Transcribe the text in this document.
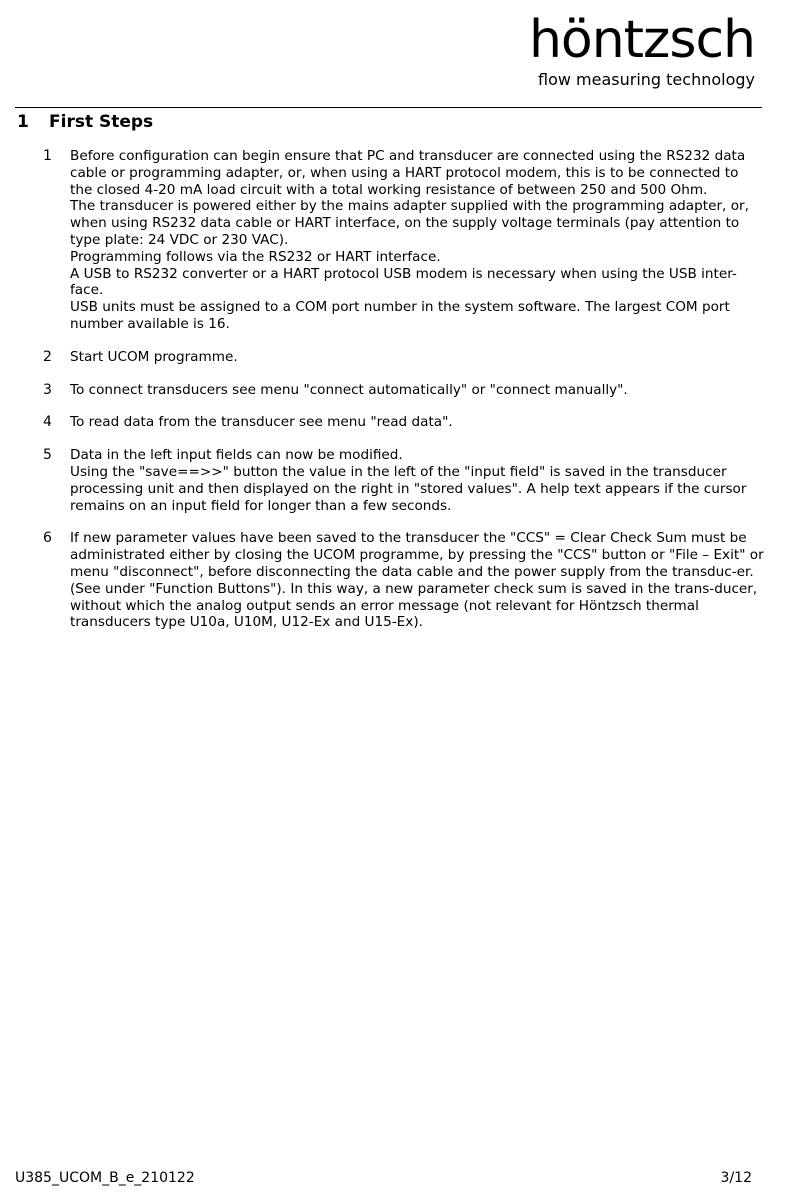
höntzsch
flow measuring technology
1 First Steps
1	Before configuration can begin ensure that PC and transducer are connected using the RS232 data cable or programming adapter, or, when using a HART protocol modem, this is to be connected to the closed 4-20 mA load circuit with a total working resistance of between 250 and 500 Ohm.

The transducer is powered either by the mains adapter supplied with the programming adapter, or, when using RS232 data cable or HART interface, on the supply voltage terminals (pay attention to type plate: 24 VDC or 230 VAC).

Programming follows via the RS232 or HART interface.

A USB to RS232 converter or a HART protocol USB modem is necessary when using the USB inter-face.

USB units must be assigned to a COM port number in the system software. The largest COM port number available is 16.

2	Start UCOM programme.

3	To connect transducers see menu "connect automatically" or "connect manually".

4	To read data from the transducer see menu "read data".

5	Data in the left input fields can now be modified.

Using the "save==>>" button the value in the left of the "input field" is saved in the transducer processing unit and then displayed on the right in "stored values". A help text appears if the cursor remains on an input field for longer than a few seconds.

6	If new parameter values have been saved to the transducer the "CCS" = Clear Check Sum must be administrated either by closing the UCOM programme, by pressing the "CCS" button or "File – Exit" or menu "disconnect", before disconnecting the data cable and the power supply from the transduc-er. (See under "Function Buttons"). In this way, a new parameter check sum is saved in the trans-ducer, without which the analog output sends an error message (not relevant for Höntzsch thermal transducers type U10a, U10M, U12-Ex and U15-Ex).

U385_UCOM_B_e_210122	3/12
